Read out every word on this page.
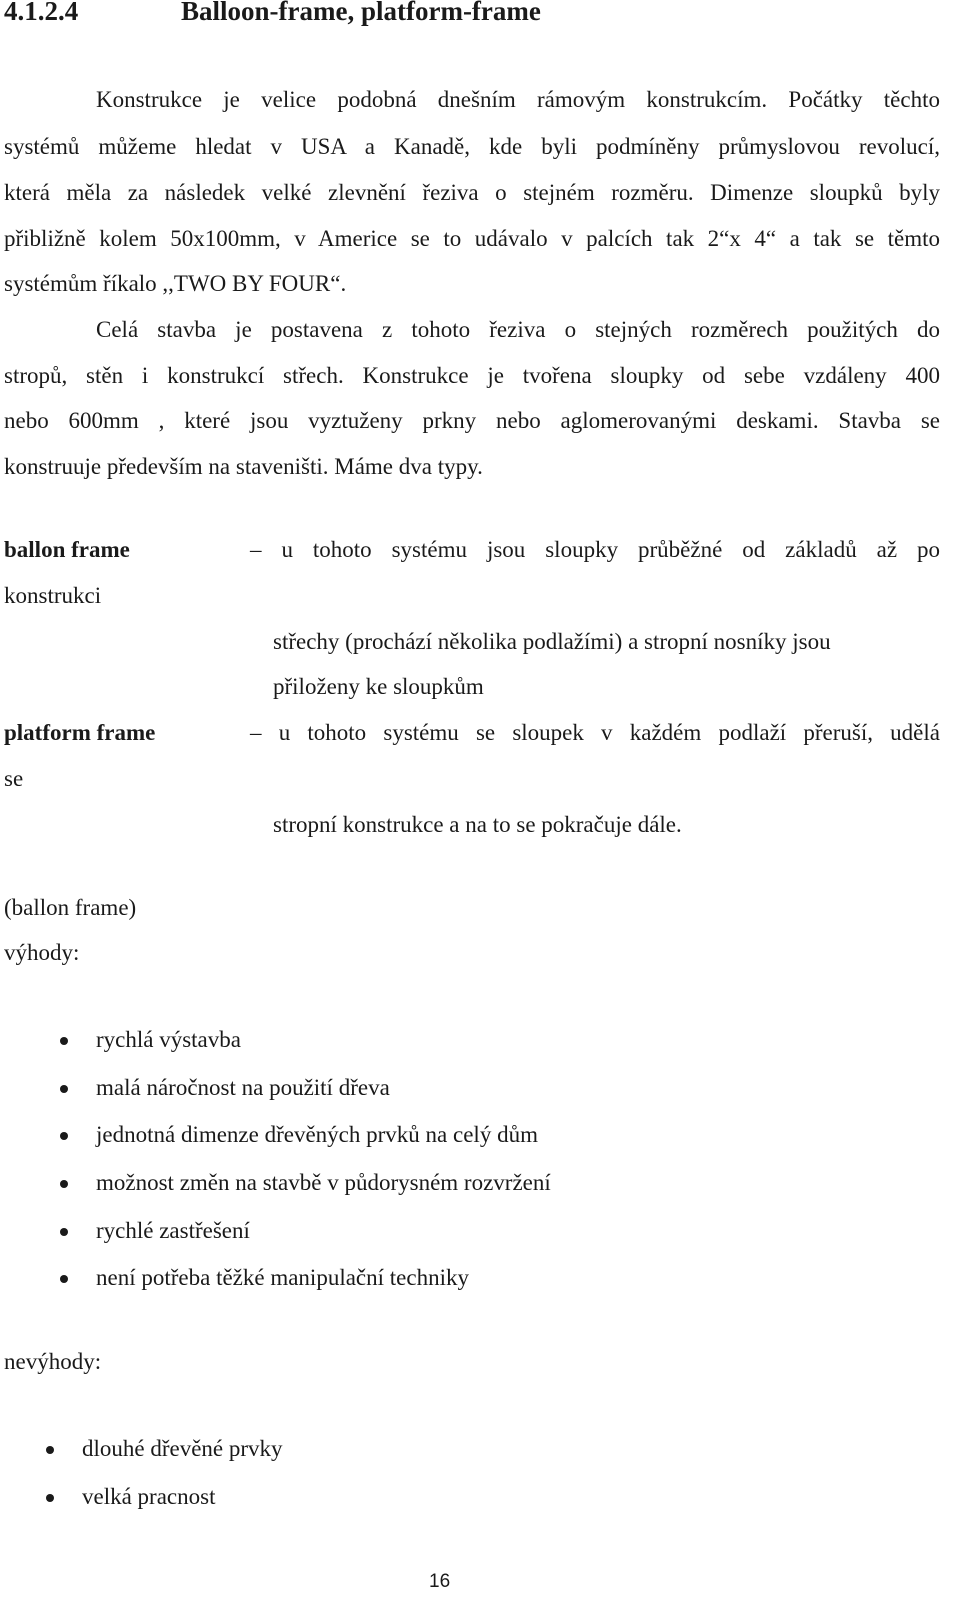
4.1.2.4	Balloon-frame, platform-frame
Konstrukce je velice podobná dnešním rámovým konstrukcím. Počátky těchto
systémů můžeme hledat v USA a Kanadě, kde byli podmíněny průmyslovou revolucí,
která měla za následek velké zlevnění řeziva o stejném rozměru. Dimenze sloupků byly
přibližně kolem 50x100mm, v Americe se to udávalo v palcích tak 2“x 4“ a tak se těmto
systémům říkalo ,,TWO BY FOUR“.
Celá stavba je postavena z tohoto řeziva o stejných rozměrech použitých do
stropů, stěn i konstrukcí střech. Konstrukce je tvořena sloupky od sebe vzdáleny 400
nebo 600mm , které jsou vyztuženy prkny nebo aglomerovanými deskami. Stavba se
konstruuje především na staveništi. Máme dva typy.
ballon frame	– u tohoto systému jsou sloupky průběžné od základů až po
konstrukci
střechy (prochází několika podlažími) a stropní nosníky jsou
přiloženy ke sloupkům
platform frame	– u tohoto systému se sloupek v každém podlaží přeruší, udělá
se
stropní konstrukce a na to se pokračuje dále.
(ballon frame)
výhody:
rychlá výstavba
malá náročnost na použití dřeva
jednotná dimenze dřevěných prvků na celý dům
možnost změn na stavbě v půdorysném rozvržení
rychlé zastřešení
není potřeba těžké manipulační techniky
nevýhody:
dlouhé dřevěné prvky
velká pracnost
16
